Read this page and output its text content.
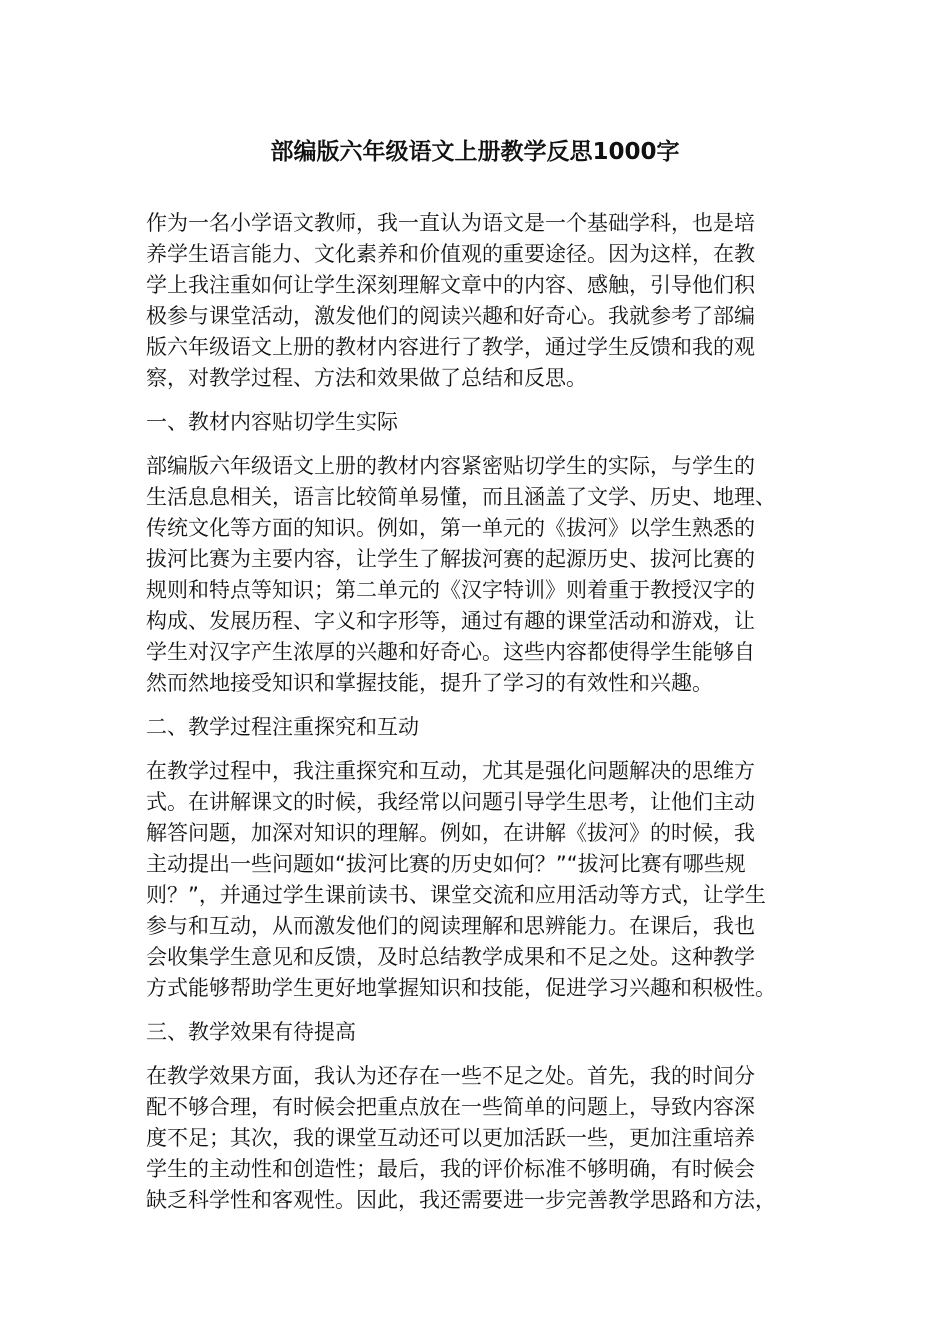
部编版六年级语文上册教学反思1000字
作为一名小学语文教师，我一直认为语文是一个基础学科，也是培
养学生语言能力、文化素养和价值观的重要途径。因为这样，在教
学上我注重如何让学生深刻理解文章中的内容、感触，引导他们积
极参与课堂活动，激发他们的阅读兴趣和好奇心。我就参考了部编
版六年级语文上册的教材内容进行了教学，通过学生反馈和我的观
察，对教学过程、方法和效果做了总结和反思。
一、教材内容贴切学生实际
部编版六年级语文上册的教材内容紧密贴切学生的实际，与学生的
生活息息相关，语言比较简单易懂，而且涵盖了文学、历史、地理、
传统文化等方面的知识。例如，第一单元的《拔河》以学生熟悉的
拔河比赛为主要内容，让学生了解拔河赛的起源历史、拔河比赛的
规则和特点等知识；第二单元的《汉字特训》则着重于教授汉字的
构成、发展历程、字义和字形等，通过有趣的课堂活动和游戏，让
学生对汉字产生浓厚的兴趣和好奇心。这些内容都使得学生能够自
然而然地接受知识和掌握技能，提升了学习的有效性和兴趣。
二、教学过程注重探究和互动
在教学过程中，我注重探究和互动，尤其是强化问题解决的思维方
式。在讲解课文的时候，我经常以问题引导学生思考，让他们主动
解答问题，加深对知识的理解。例如，在讲解《拔河》的时候，我
主动提出一些问题如“拔河比赛的历史如何？”“拔河比赛有哪些规
则？”，并通过学生课前读书、课堂交流和应用活动等方式，让学生
参与和互动，从而激发他们的阅读理解和思辨能力。在课后，我也
会收集学生意见和反馈，及时总结教学成果和不足之处。这种教学
方式能够帮助学生更好地掌握知识和技能，促进学习兴趣和积极性。
三、教学效果有待提高
在教学效果方面，我认为还存在一些不足之处。首先，我的时间分
配不够合理，有时候会把重点放在一些简单的问题上，导致内容深
度不足；其次，我的课堂互动还可以更加活跃一些，更加注重培养
学生的主动性和创造性；最后，我的评价标准不够明确，有时候会
缺乏科学性和客观性。因此，我还需要进一步完善教学思路和方法，
